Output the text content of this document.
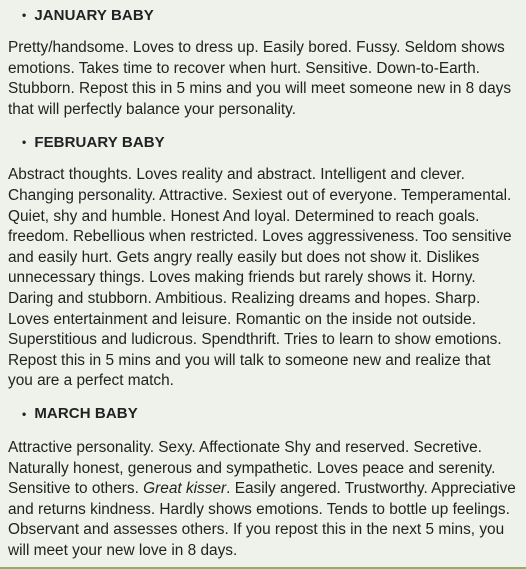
• JANUARY BABY

Pretty/handsome. Loves to dress up. Easily bored. Fussy. Seldom shows emotions. Takes time to recover when hurt. Sensitive. Down-to-Earth. Stubborn. Repost this in 5 mins and you will meet someone new in 8 days that will perfectly balance your personality.

• FEBRUARY BABY

Abstract thoughts. Loves reality and abstract. Intelligent and clever. Changing personality. Attractive. Sexiest out of everyone. Temperamental. Quiet, shy and humble. Honest And loyal. Determined to reach goals. freedom. Rebellious when restricted. Loves aggressiveness. Too sensitive and easily hurt. Gets angry really easily but does not show it. Dislikes unnecessary things. Loves making friends but rarely shows it. Horny. Daring and stubborn. Ambitious. Realizing dreams and hopes. Sharp. Loves entertainment and leisure. Romantic on the inside not outside. Superstitious and ludicrous. Spendthrift. Tries to learn to show emotions. Repost this in 5 mins and you will talk to someone new and realize that you are a perfect match.

• MARCH BABY

Attractive personality. Sexy. Affectionate Shy and reserved. Secretive. Naturally honest, generous and sympathetic. Loves peace and serenity. Sensitive to others. Great kisser. Easily angered. Trustworthy. Appreciative and returns kindness. Hardly shows emotions. Tends to bottle up feelings. Observant and assesses others. If you repost this in the next 5 mins, you will meet your new love in 8 days.
